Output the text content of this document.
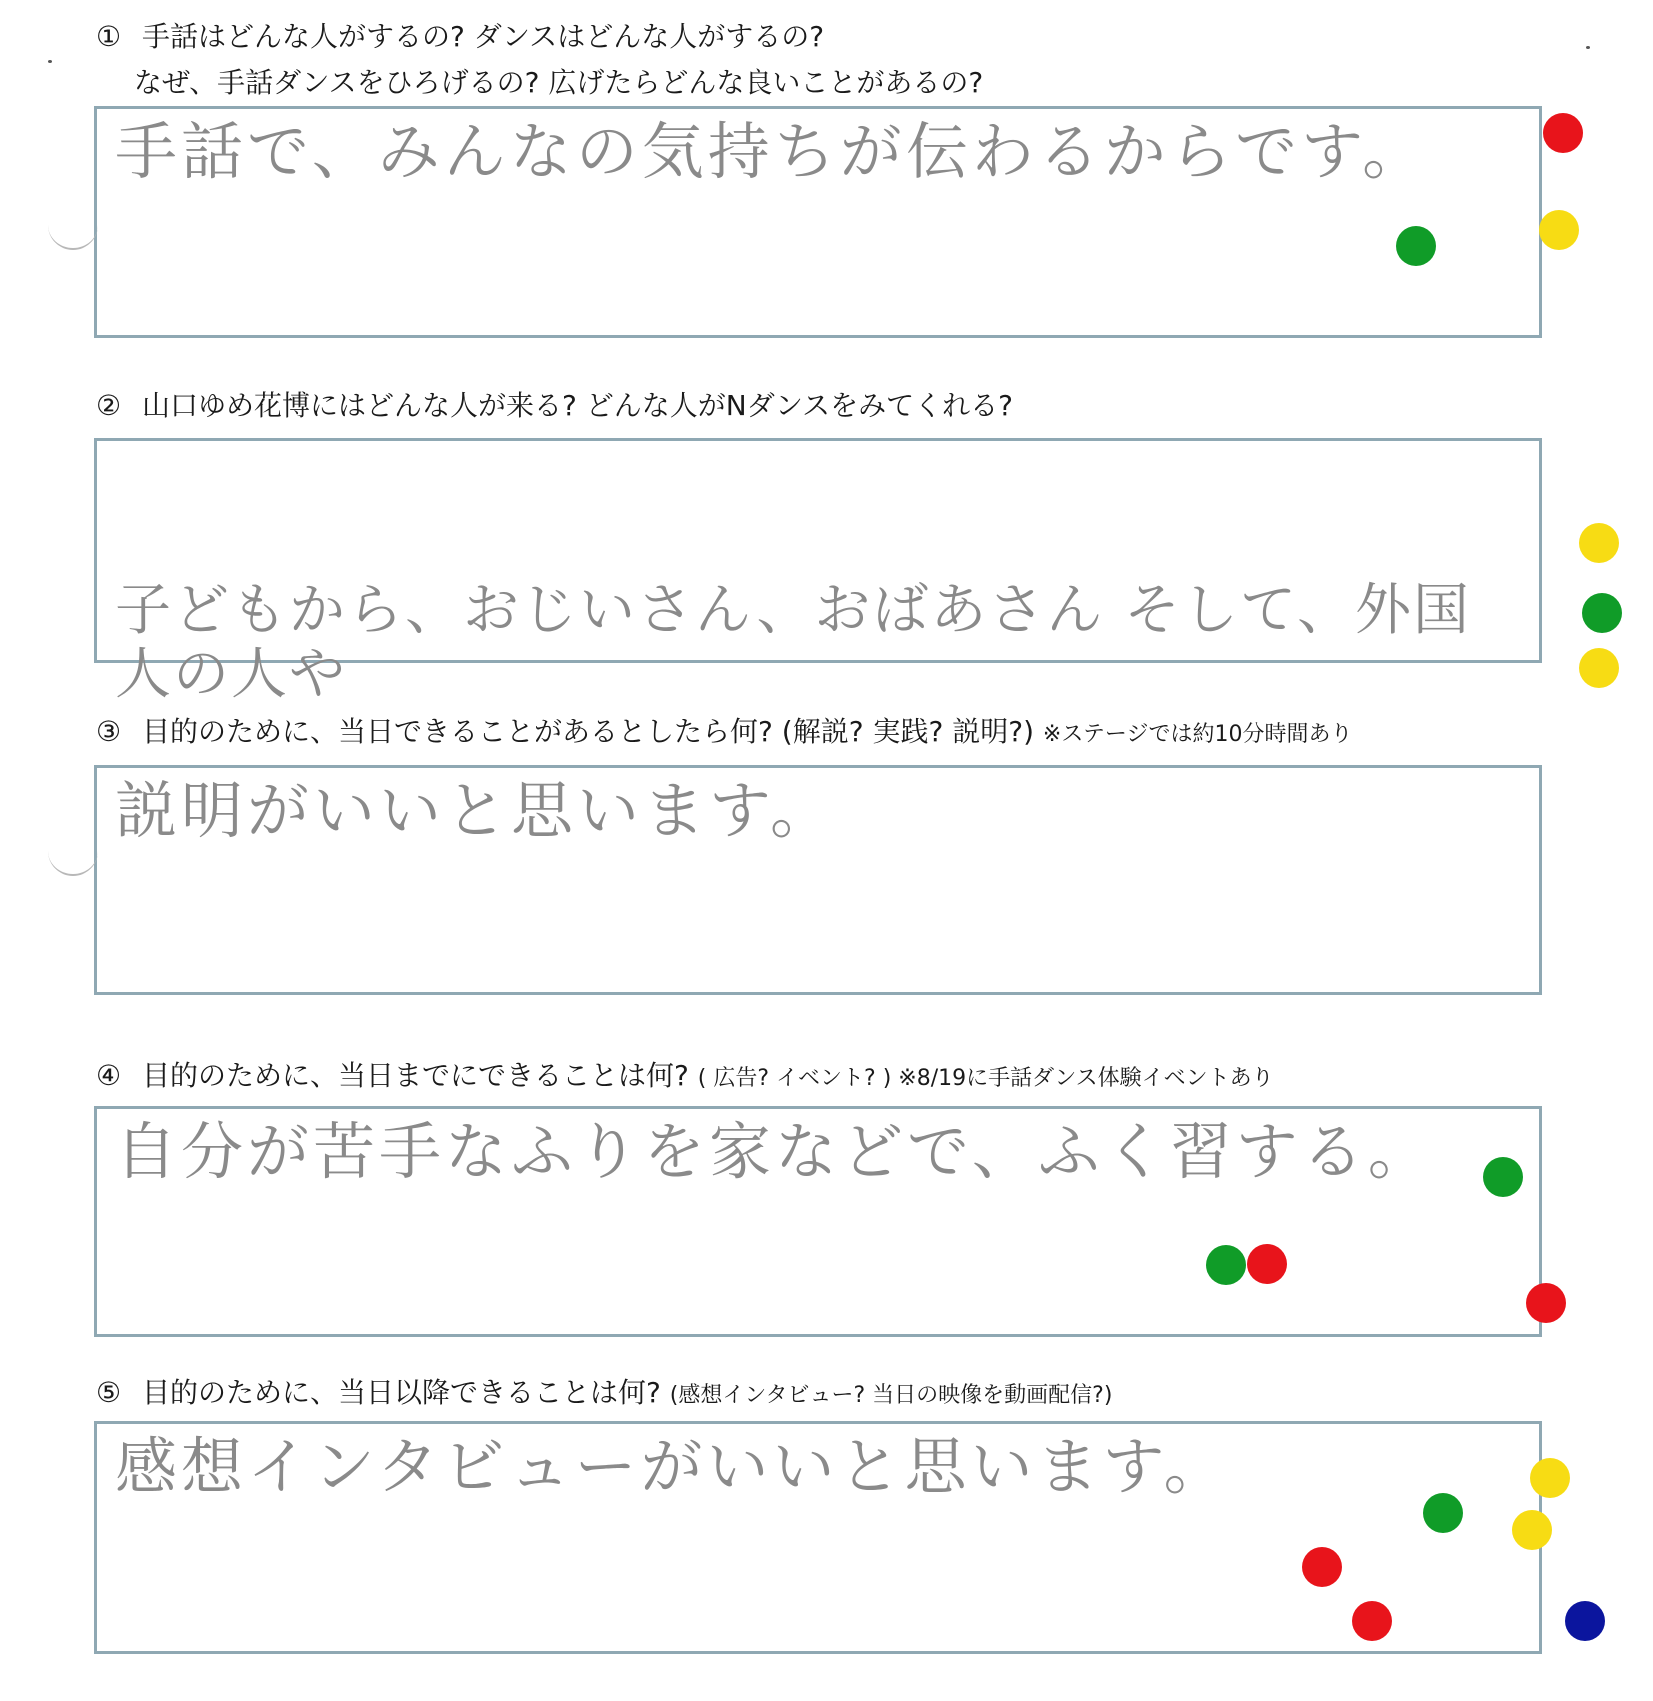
① 手話はどんな人がするの? ダンスはどんな人がするの?
なぜ、手話ダンスをひろげるの? 広げたらどんな良いことがあるの?
手話で、みんなの気持ちが伝わるからです。
② 山口ゆめ花博にはどんな人が来る? どんな人がNダンスをみてくれる?

子どもから、おじいさん、おばあさん そして、外国人の人や

③ 目的のために、当日できることがあるとしたら何? (解説? 実践? 説明?) ※ステージでは約10分時間あり
説明がいいと思います。
④ 目的のために、当日までにできることは何? ( 広告? イベント? ) ※8/19に手話ダンス体験イベントあり
自分が苦手なふりを家などで、ふく習する。
⑤ 目的のために、当日以降できることは何? (感想インタビュー? 当日の映像を動画配信?)
感想インタビューがいいと思います。
